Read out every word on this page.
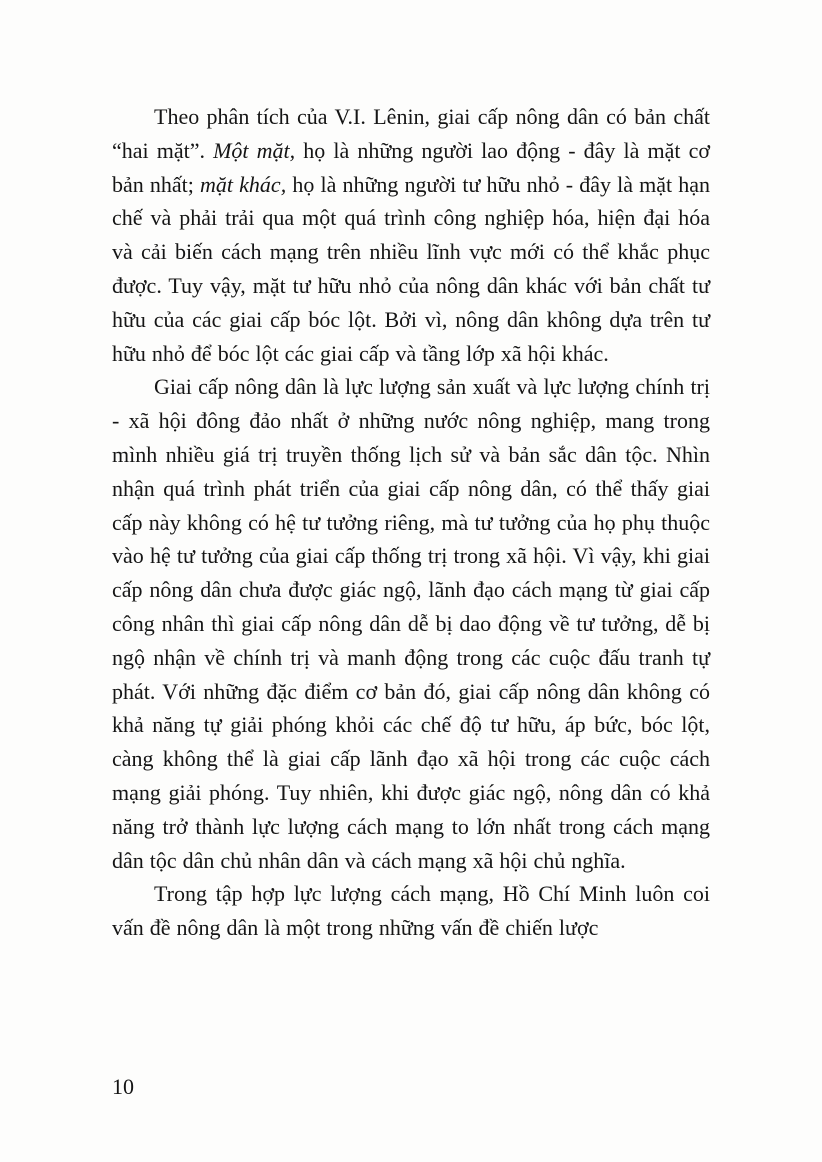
Theo phân tích của V.I. Lênin, giai cấp nông dân có bản chất “hai mặt”. Một mặt, họ là những người lao động - đây là mặt cơ bản nhất; mặt khác, họ là những người tư hữu nhỏ - đây là mặt hạn chế và phải trải qua một quá trình công nghiệp hóa, hiện đại hóa và cải biến cách mạng trên nhiều lĩnh vực mới có thể khắc phục được. Tuy vậy, mặt tư hữu nhỏ của nông dân khác với bản chất tư hữu của các giai cấp bóc lột. Bởi vì, nông dân không dựa trên tư hữu nhỏ để bóc lột các giai cấp và tầng lớp xã hội khác.

Giai cấp nông dân là lực lượng sản xuất và lực lượng chính trị - xã hội đông đảo nhất ở những nước nông nghiệp, mang trong mình nhiều giá trị truyền thống lịch sử và bản sắc dân tộc. Nhìn nhận quá trình phát triển của giai cấp nông dân, có thể thấy giai cấp này không có hệ tư tưởng riêng, mà tư tưởng của họ phụ thuộc vào hệ tư tưởng của giai cấp thống trị trong xã hội. Vì vậy, khi giai cấp nông dân chưa được giác ngộ, lãnh đạo cách mạng từ giai cấp công nhân thì giai cấp nông dân dễ bị dao động về tư tưởng, dễ bị ngộ nhận về chính trị và manh động trong các cuộc đấu tranh tự phát. Với những đặc điểm cơ bản đó, giai cấp nông dân không có khả năng tự giải phóng khỏi các chế độ tư hữu, áp bức, bóc lột, càng không thể là giai cấp lãnh đạo xã hội trong các cuộc cách mạng giải phóng. Tuy nhiên, khi được giác ngộ, nông dân có khả năng trở thành lực lượng cách mạng to lớn nhất trong cách mạng dân tộc dân chủ nhân dân và cách mạng xã hội chủ nghĩa.

Trong tập hợp lực lượng cách mạng, Hồ Chí Minh luôn coi vấn đề nông dân là một trong những vấn đề chiến lược

10
